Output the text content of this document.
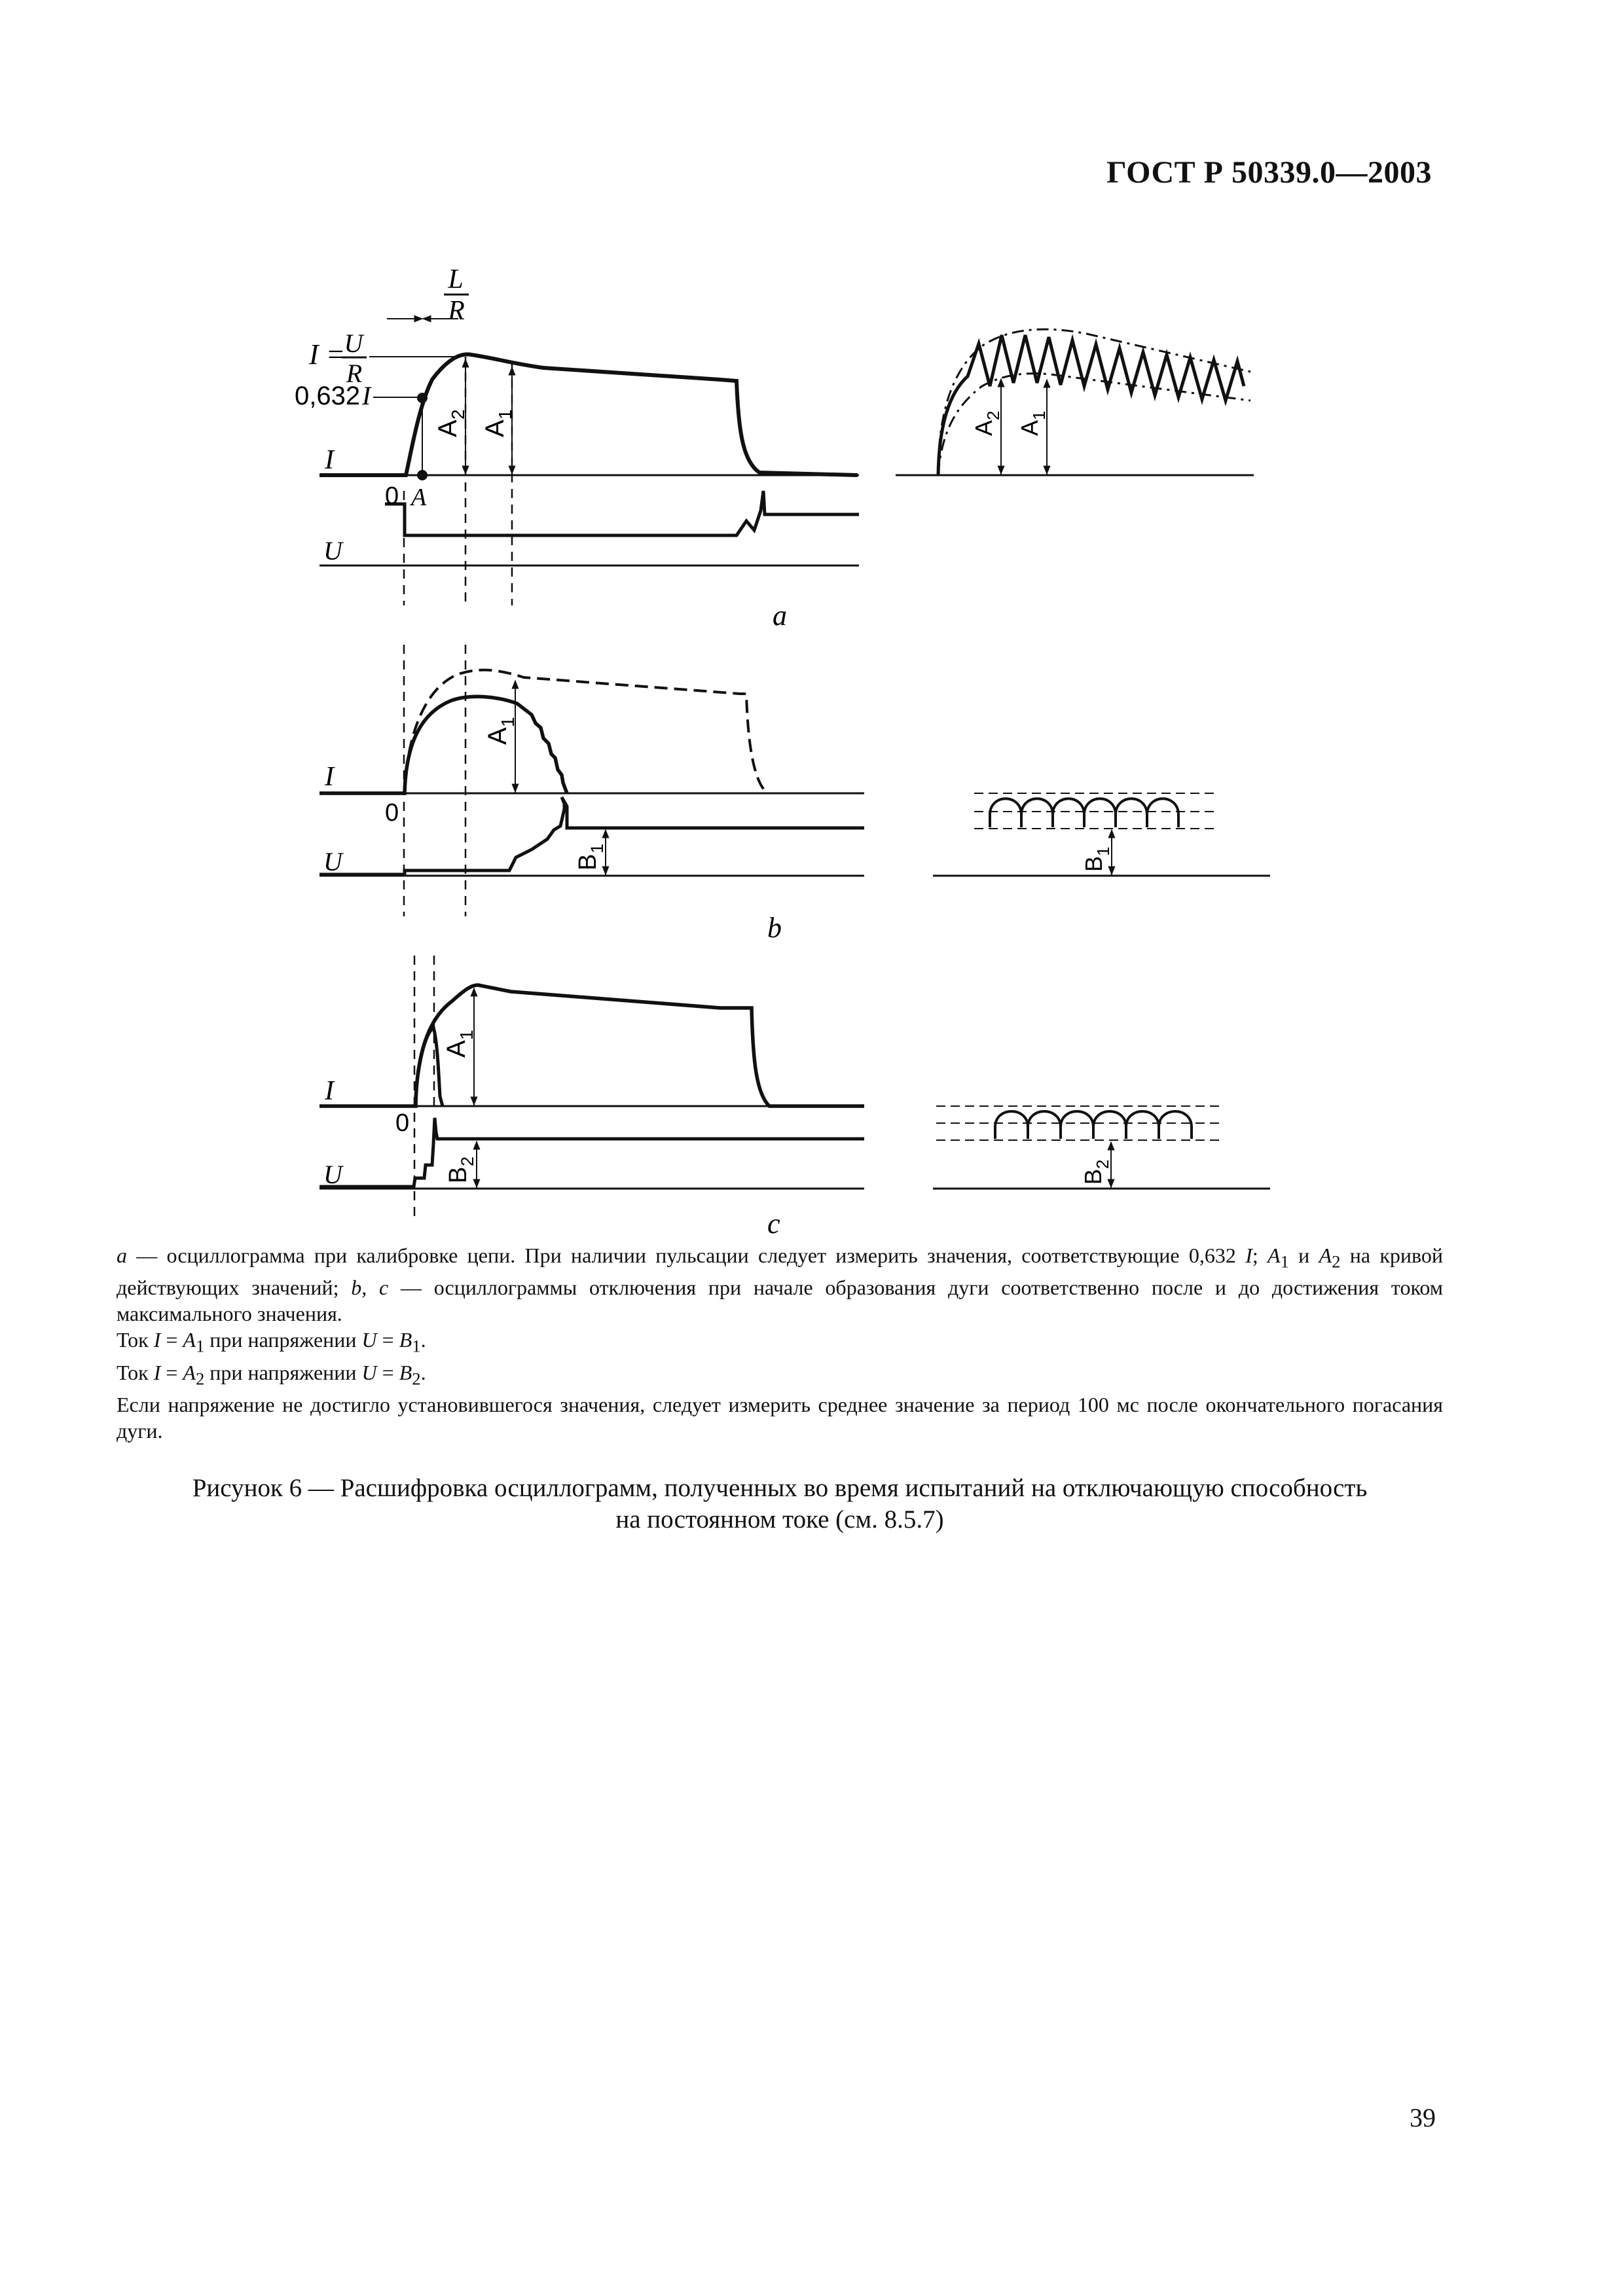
ГОСТ Р 50339.0—2003
L
R
I =
U
R
0,632 I
A
2
A
1
I
0 A
U
a
A
2
A
1
A
1
B
1
I
0
U
b
B
1
A
1
B
2
I
0
U
c
B
2

a — осциллограмма при калибровке цепи. При наличии пульсации следует измерить значения, соответствующие 0,632 I; $A_1$ и $A_2$ на кривой действующих значений; b, c — осциллограммы отключения при начале образования дуги соответственно после и до достижения током максимального значения.

Ток $I = A_1$ при напряжении $U = B_1$.

Ток $I = A_2$ при напряжении $U = B_2$.

Если напряжение не достигло установившегося значения, следует измерить среднее значение за период 100 мс после окончательного погасания дуги.

Рисунок 6 — Расшифровка осциллограмм, полученных во время испытаний на отключающую способность

на постоянном токе (см. 8.5.7)

39
